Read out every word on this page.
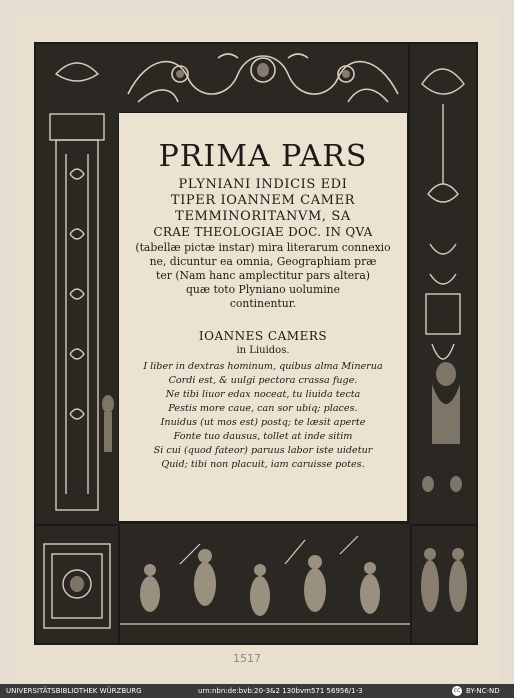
PRIMA PARS
PLYNIANI INDICIS EDI
TIPER IOANNEM CAMER
TEMMINORITANVM, SA
CRAE THEOLOGIAE DOC. IN QVA
(tabellæ pictæ instar) mira literarum connexio
ne, dicuntur ea omnia, Geographiam præ
ter (Nam hanc amplectitur pars altera)
quæ toto Plyniano uolumine
continentur.
IOANNES CAMERS
in Liuidos.
I liber in dextras hominum, quibus alma Minerua
Cordi est, & uulgi pectora crassa fuge.
Ne tibi liuor edax noceat, tu liuida tecta
Pestis more caue, can sor ubiq; places.
Inuidus (ut mos est) postq; te læsit aperte
Fonte tuo dausus, tollet at inde sitim
Si cui (quod fateor) paruus labor iste uidetur
Quid; tibi non placuit, iam caruisse potes.
1517
UNIVERSITÄTSBIBLIOTHEK WÜRZBURG	urn:nbn:de:bvb:20-3&2 130bvm571 56956/1-3	cc BY-NC-ND
